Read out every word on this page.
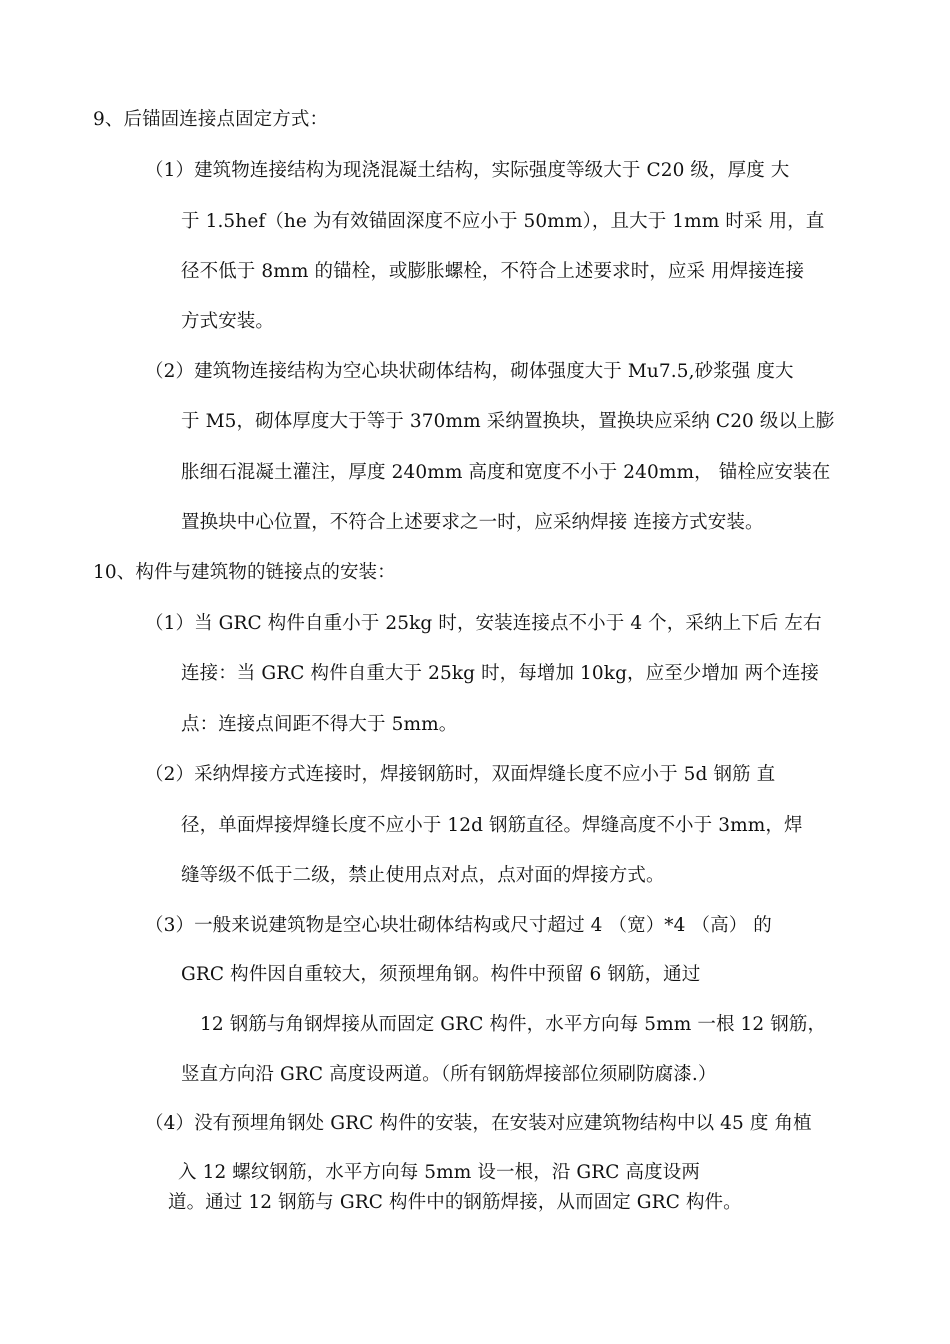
9、后锚固连接点固定方式：
（1）建筑物连接结构为现浇混凝土结构，实际强度等级大于 C20 级，厚度 大
于 1.5hef（he 为有效锚固深度不应小于 50mm），且大于 1mm 时采 用，直
径不低于 8mm 的锚栓，或膨胀螺栓，不符合上述要求时，应采 用焊接连接
方式安装。
（2）建筑物连接结构为空心块状砌体结构，砌体强度大于 Mu7.5,砂浆强 度大
于 M5，砌体厚度大于等于 370mm 采纳置换块，置换块应采纳 C20 级以上膨
胀细石混凝土灌注，厚度 240mm 高度和宽度不小于 240mm， 锚栓应安装在
置换块中心位置，不符合上述要求之一时，应采纳焊接 连接方式安装。
10、构件与建筑物的链接点的安装：
（1）当 GRC 构件自重小于 25kg 时，安装连接点不小于 4 个，采纳上下后 左右
连接：当 GRC 构件自重大于 25kg 时，每增加 10kg，应至少增加 两个连接
点：连接点间距不得大于 5mm。
（2）采纳焊接方式连接时，焊接钢筋时，双面焊缝长度不应小于 5d 钢筋 直
径，单面焊接焊缝长度不应小于 12d 钢筋直径。焊缝高度不小于 3mm，焊
缝等级不低于二级，禁止使用点对点，点对面的焊接方式。
（3）一般来说建筑物是空心块壮砌体结构或尺寸超过 4 （宽）*4 （高） 的
GRC 构件因自重较大，须预埋角钢。构件中预留 6 钢筋，通过
12 钢筋与角钢焊接从而固定 GRC 构件，水平方向每 5mm 一根 12 钢筋，
竖直方向沿 GRC 高度设两道。（所有钢筋焊接部位须刷防腐漆.）
（4）没有预埋角钢处 GRC 构件的安装，在安装对应建筑物结构中以 45 度 角植
入 12 螺纹钢筋，水平方向每 5mm 设一根，沿 GRC 高度设两
道。通过 12 钢筋与 GRC 构件中的钢筋焊接，从而固定 GRC 构件。
